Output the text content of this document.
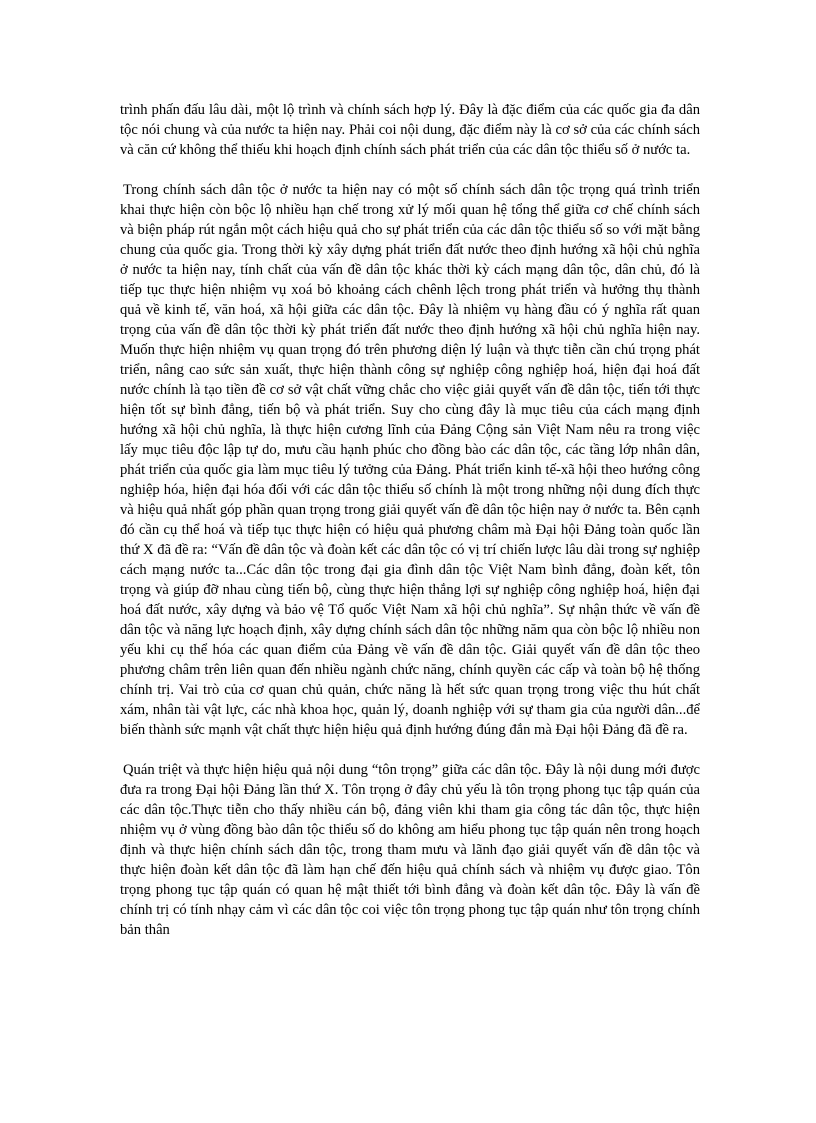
trình phấn đấu lâu dài, một lộ trình và chính sách hợp lý. Đây là đặc điểm của các quốc gia đa dân tộc nói chung và của nước ta hiện nay. Phải coi nội dung, đặc điểm này là cơ sở của các chính sách và căn cứ không thể thiếu khi hoạch định chính sách phát triển của các dân tộc thiểu số ở nước ta.

Trong chính sách dân tộc ở nước ta hiện nay có một số chính sách dân tộc trọng quá trình triển khai thực hiện còn bộc lộ nhiều hạn chế trong xử lý mối quan hệ tổng thể giữa cơ chế chính sách và biện pháp rút ngắn một cách hiệu quả cho sự phát triển của các dân tộc thiểu số so với mặt bằng chung của quốc gia. Trong thời kỳ xây dựng phát triển đất nước theo định hướng xã hội chủ nghĩa ở nước ta hiện nay, tính chất của vấn đề dân tộc khác thời kỳ cách mạng dân tộc, dân chủ, đó là tiếp tục thực hiện nhiệm vụ xoá bỏ khoảng cách chênh lệch trong phát triển và hưởng thụ thành quả về kinh tế, văn hoá, xã hội giữa các dân tộc. Đây là nhiệm vụ hàng đầu có ý nghĩa rất quan trọng của vấn đề dân tộc thời kỳ phát triển đất nước theo định hướng xã hội chủ nghĩa hiện nay. Muốn thực hiện nhiệm vụ quan trọng đó trên phương diện lý luận và thực tiễn cần chú trọng phát triển, nâng cao sức sản xuất, thực hiện thành công sự nghiệp công nghiệp hoá, hiện đại hoá đất nước chính là tạo tiền đề cơ sở vật chất vững chắc cho việc giải quyết vấn đề dân tộc, tiến tới thực hiện tốt sự bình đẳng, tiến bộ và phát triển. Suy cho cùng đây là mục tiêu của cách mạng định hướng xã hội chủ nghĩa, là thực hiện cương lĩnh của Đảng Cộng sản Việt Nam nêu ra trong việc lấy mục tiêu độc lập tự do, mưu cầu hạnh phúc cho đồng bào các dân tộc, các tầng lớp nhân dân, phát triển của quốc gia làm mục tiêu lý tưởng của Đảng. Phát triển kinh tế-xã hội theo hướng công nghiệp hóa, hiện đại hóa đối với các dân tộc thiểu số chính là một trong những nội dung đích thực và hiệu quả nhất góp phần quan trọng trong giải quyết vấn đề dân tộc hiện nay ở nước ta. Bên cạnh đó cần cụ thể hoá và tiếp tục thực hiện có hiệu quả phương châm mà Đại hội Đảng toàn quốc lần thứ X đã đề ra: “Vấn đề dân tộc và đoàn kết các dân tộc có vị trí chiến lược lâu dài trong sự nghiệp cách mạng nước ta...Các dân tộc trong đại gia đình dân tộc Việt Nam bình đẳng, đoàn kết, tôn trọng và giúp đỡ nhau cùng tiến bộ, cùng thực hiện thắng lợi sự nghiệp công nghiệp hoá, hiện đại hoá đất nước, xây dựng và bảo vệ Tổ quốc Việt Nam xã hội chủ nghĩa”. Sự nhận thức về vấn đề dân tộc và năng lực hoạch định, xây dựng chính sách dân tộc những năm qua còn bộc lộ nhiều non yếu khi cụ thể hóa các quan điểm của Đảng về vấn đề dân tộc. Giải quyết vấn đề dân tộc theo phương châm trên liên quan đến nhiều ngành chức năng, chính quyền các cấp và toàn bộ hệ thống chính trị. Vai trò của cơ quan chủ quản, chức năng là hết sức quan trọng trong việc thu hút chất xám, nhân tài vật lực, các nhà khoa học, quản lý, doanh nghiệp với sự tham gia của người dân...để biến thành sức mạnh vật chất thực hiện hiệu quả định hướng đúng đắn mà Đại hội Đảng đã đề ra.

Quán triệt và thực hiện hiệu quả nội dung “tôn trọng” giữa các dân tộc. Đây là nội dung mới được đưa ra trong Đại hội Đảng lần thứ X. Tôn trọng ở đây chủ yếu là tôn trọng phong tục tập quán của các dân tộc.Thực tiễn cho thấy nhiều cán bộ, đảng viên khi tham gia công tác dân tộc, thực hiện nhiệm vụ ở vùng đồng bào dân tộc thiểu số do không am hiểu phong tục tập quán nên trong hoạch định và thực hiện chính sách dân tộc, trong tham mưu và lãnh đạo giải quyết vấn đề dân tộc và thực hiện đoàn kết dân tộc đã làm hạn chế đến hiệu quả chính sách và nhiệm vụ được giao. Tôn trọng phong tục tập quán có quan hệ mật thiết tới bình đẳng và đoàn kết dân tộc. Đây là vấn đề chính trị có tính nhạy cảm vì các dân tộc coi việc tôn trọng phong tục tập quán như tôn trọng chính bản thân
